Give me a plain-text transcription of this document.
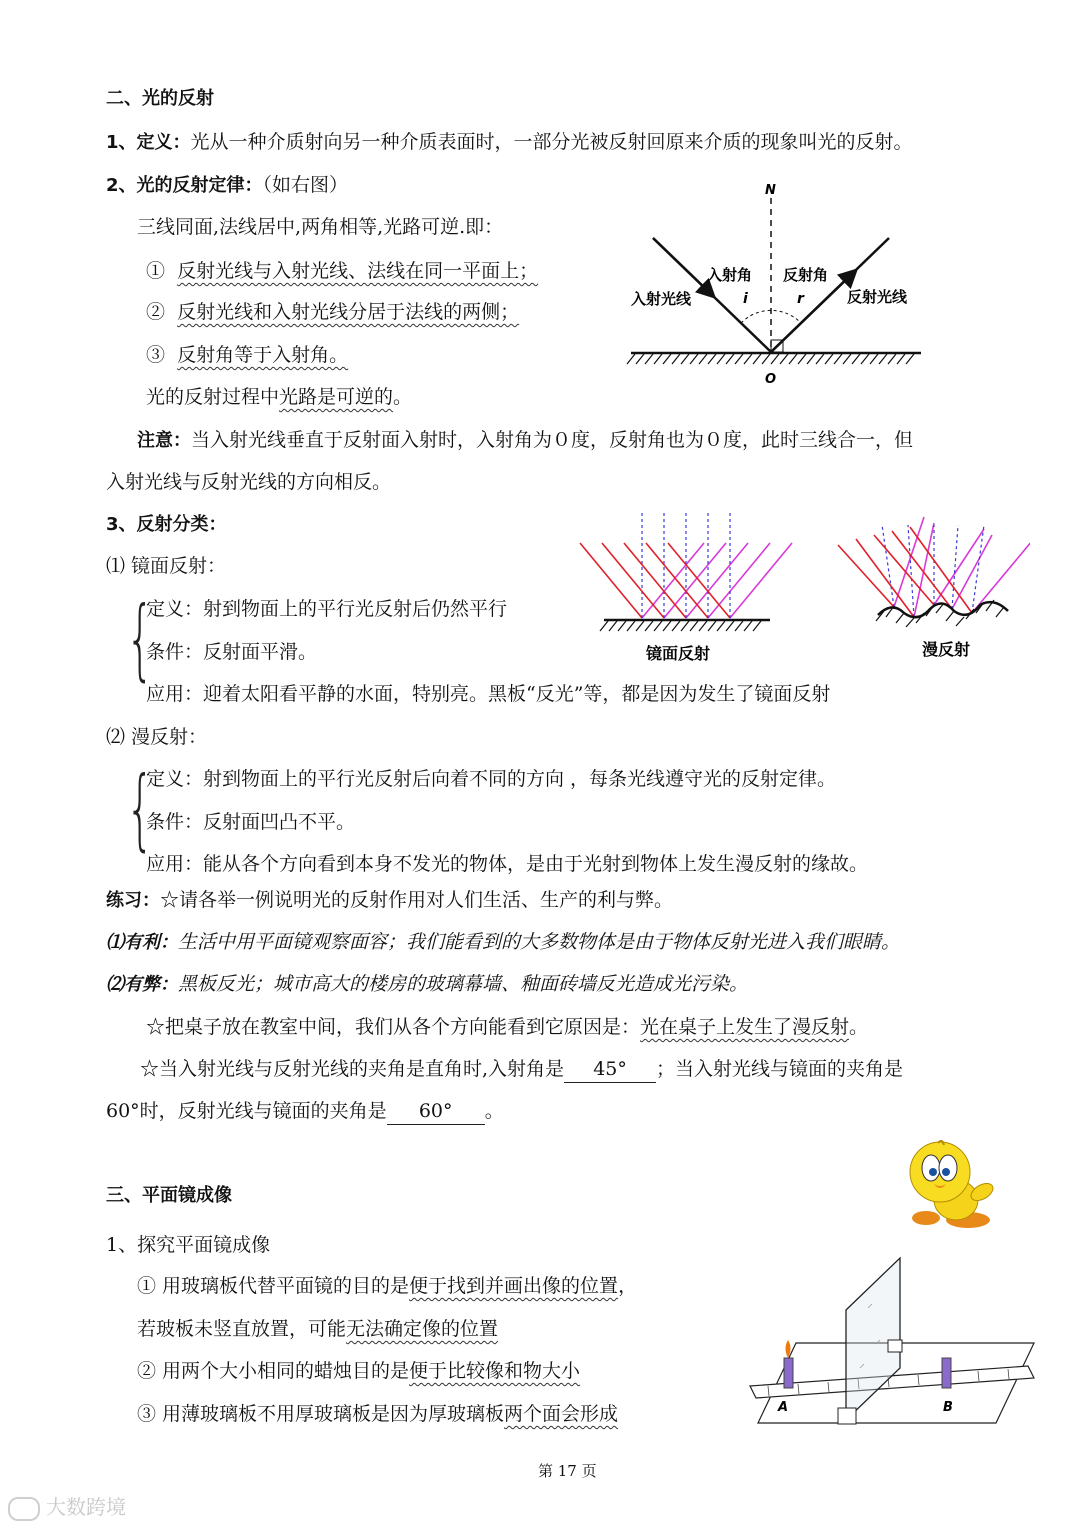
二、光的反射
1、定义：光从一种介质射向另一种介质表面时，一部分光被反射回原来介质的现象叫光的反射。
2、光的反射定律：（如右图）
三线同面,法线居中,两角相等,光路可逆.即：
① 反射光线与入射光线、法线在同一平面上；
② 反射光线和入射光线分居于法线的两侧；
③ 反射角等于入射角。
光的反射过程中光路是可逆的。
注意：当入射光线垂直于反射面入射时，入射角为０度，反射角也为０度，此时三线合一，但
入射光线与反射光线的方向相反。
3、反射分类：
⑴ 镜面反射：
{
定义：射到物面上的平行光反射后仍然平行
条件：反射面平滑。
应用：迎着太阳看平静的水面，特别亮。黑板“反光”等，都是因为发生了镜面反射
⑵ 漫反射：
{
定义：射到物面上的平行光反射后向着不同的方向 ，每条光线遵守光的反射定律。
条件：反射面凹凸不平。
应用：能从各个方向看到本身不发光的物体，是由于光射到物体上发生漫反射的缘故。
练习：☆请各举一例说明光的反射作用对人们生活、生产的利与弊。
⑴有利：生活中用平面镜观察面容；我们能看到的大多数物体是由于物体反射光进入我们眼睛。
⑵有弊：黑板反光；城市高大的楼房的玻璃幕墙、釉面砖墙反光造成光污染。
☆把桌子放在教室中间，我们从各个方向能看到它原因是：光在桌子上发生了漫反射。
☆当入射光线与反射光线的夹角是直角时,入射角是 45° ；当入射光线与镜面的夹角是
60°时，反射光线与镜面的夹角是 60° 。
三、平面镜成像
1、探究平面镜成像
① 用玻璃板代替平面镜的目的是便于找到并画出像的位置，
若玻板未竖直放置，可能无法确定像的位置
② 用两个大小相同的蜡烛目的是便于比较像和物大小
③ 用薄玻璃板不用厚玻璃板是因为厚玻璃板两个面会形成
N
入射角
i
反射角
r
入射光线	反射光线
O
镜面反射	漫反射
A	B
第 17 页
大数跨境
